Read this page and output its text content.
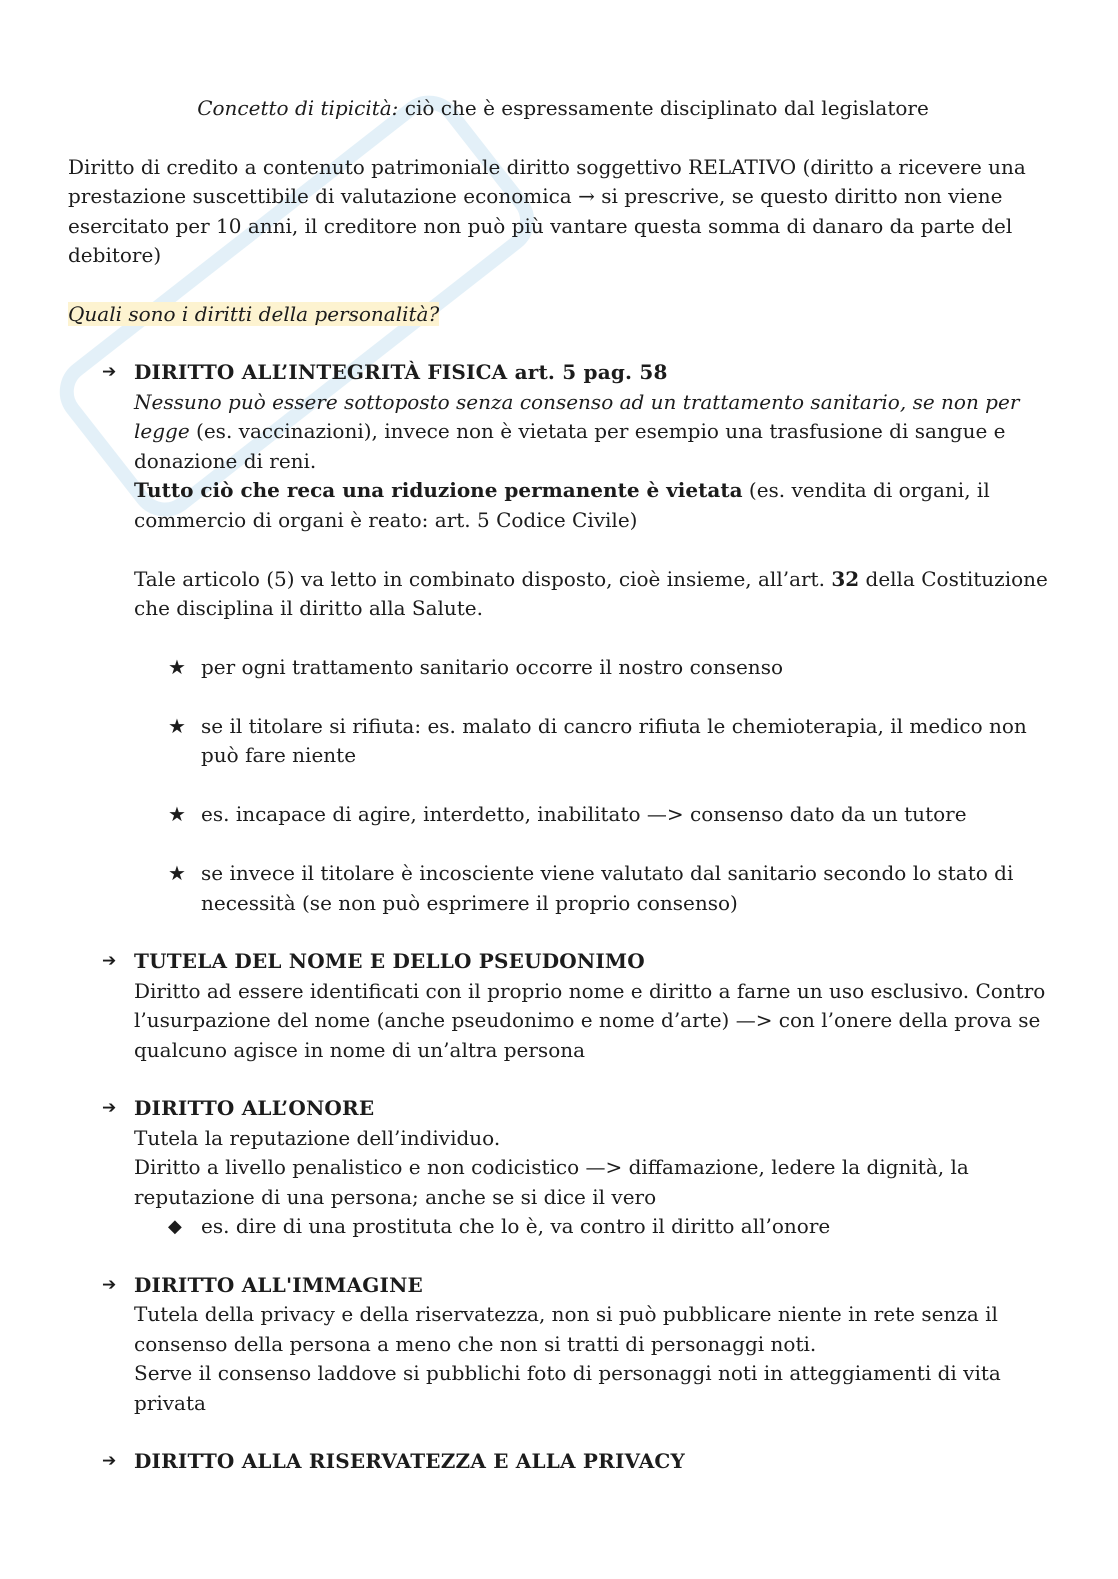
Concetto di tipicità: ciò che è espressamente disciplinato dal legislatore

Diritto di credito a contenuto patrimoniale diritto soggettivo RELATIVO (diritto a ricevere una prestazione suscettibile di valutazione economica → si prescrive, se questo diritto non viene esercitato per 10 anni, il creditore non può più vantare questa somma di danaro da parte del debitore)

Quali sono i diritti della personalità?
➔ DIRITTO ALL’INTEGRITÀ FISICA art. 5 pag. 58

Nessuno può essere sottoposto senza consenso ad un trattamento sanitario, se non per legge (es. vaccinazioni), invece non è vietata per esempio una trasfusione di sangue e donazione di reni.

Tutto ciò che reca una riduzione permanente è vietata (es. vendita di organi, il commercio di organi è reato: art. 5 Codice Civile)

Tale articolo (5) va letto in combinato disposto, cioè insieme, all’art. 32 della Costituzione che disciplina il diritto alla Salute.

★ per ogni trattamento sanitario occorre il nostro consenso
★ se il titolare si rifiuta: es. malato di cancro rifiuta le chemioterapia, il medico non può fare niente
★ es. incapace di agire, interdetto, inabilitato —> consenso dato da un tutore
★ se invece il titolare è incosciente viene valutato dal sanitario secondo lo stato di necessità (se non può esprimere il proprio consenso)
➔ TUTELA DEL NOME E DELLO PSEUDONIMO

Diritto ad essere identificati con il proprio nome e diritto a farne un uso esclusivo. Contro l’usurpazione del nome (anche pseudonimo e nome d’arte) —> con l’onere della prova se qualcuno agisce in nome di un’altra persona

➔ DIRITTO ALL’ONORE

Tutela la reputazione dell’individuo.

Diritto a livello penalistico e non codicistico —> diffamazione, ledere la dignità, la reputazione di una persona; anche se si dice il vero

◆ es. dire di una prostituta che lo è, va contro il diritto all’onore
➔ DIRITTO ALL'IMMAGINE

Tutela della privacy e della riservatezza, non si può pubblicare niente in rete senza il consenso della persona a meno che non si tratti di personaggi noti.

Serve il consenso laddove si pubblichi foto di personaggi noti in atteggiamenti di vita privata

➔ DIRITTO ALLA RISERVATEZZA E ALLA PRIVACY
